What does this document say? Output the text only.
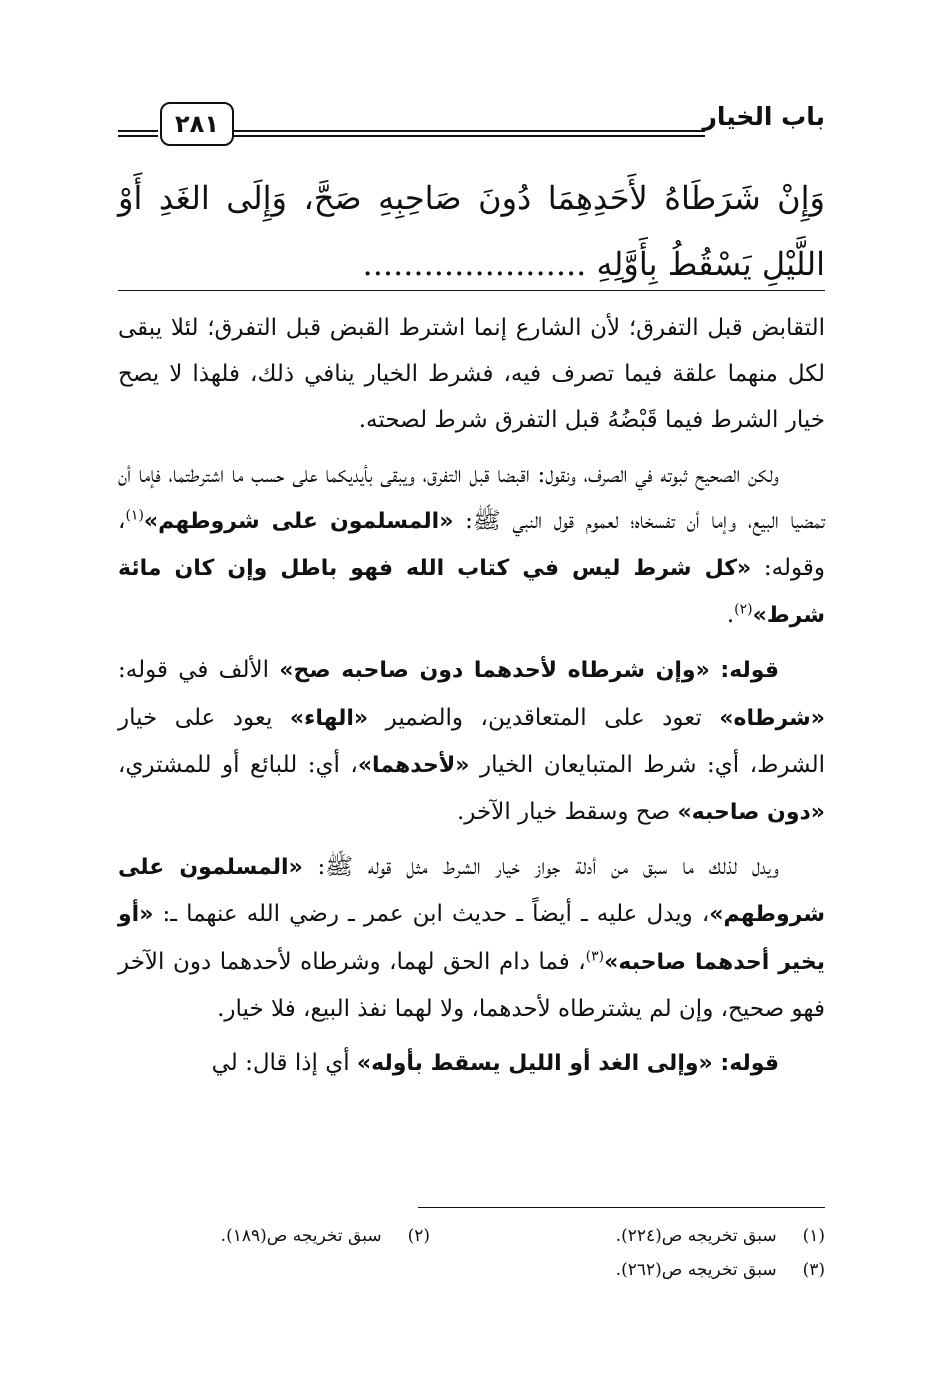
باب الخيار
٢٨١
وَإِنْ شَرَطَاهُ لأَحَدِهِمَا دُونَ صَاحِبِهِ صَحَّ، وَإِلَى الغَدِ أَوْ
اللَّيْلِ يَسْقُطُ بِأَوَّلِهِ ......................

التقابض قبل التفرق؛ لأن الشارع إنما اشترط القبض قبل التفرق؛ لئلا يبقى لكل منهما علقة فيما تصرف فيه، فشرط الخيار ينافي ذلك، فلهذا لا يصح خيار الشرط فيما قَبْضُهُ قبل التفرق شرط لصحته.

ولكن الصحيح ثبوته في الصرف، ونقول: اقبضا قبل التفرق، ويبقى بأيديكما على حسب ما اشترطتما، فإما أن تمضيا البيع، وإما أن تفسخاه؛ لعموم قول النبي ﷺ: «المسلمون على شروطهم»$^{(١)}$، وقوله: «كل شرط ليس في كتاب الله فهو باطل وإن كان مائة شرط»$^{(٢)}$.

قوله: «وإن شرطاه لأحدهما دون صاحبه صح» الألف في قوله: «شرطاه» تعود على المتعاقدين، والضمير «الهاء» يعود على خيار الشرط، أي: شرط المتبايعان الخيار «لأحدهما»، أي: للبائع أو للمشتري، «دون صاحبه» صح وسقط خيار الآخر.

ويدل لذلك ما سبق من أدلة جواز خيار الشرط مثل قوله ﷺ: «المسلمون على شروطهم»، ويدل عليه ـ أيضاً ـ حديث ابن عمر ـ رضي الله عنهما ـ: «أو يخير أحدهما صاحبه»$^{(٣)}$، فما دام الحق لهما، وشرطاه لأحدهما دون الآخر فهو صحيح، وإن لم يشترطاه لأحدهما، ولا لهما نفذ البيع، فلا خيار.

قوله: «وإلى الغد أو الليل يسقط بأوله» أي إذا قال: لي

(١)سبق تخريجه ص(٢٢٤).
(٢)سبق تخريجه ص(١٨٩).
(٣)سبق تخريجه ص(٢٦٢).
